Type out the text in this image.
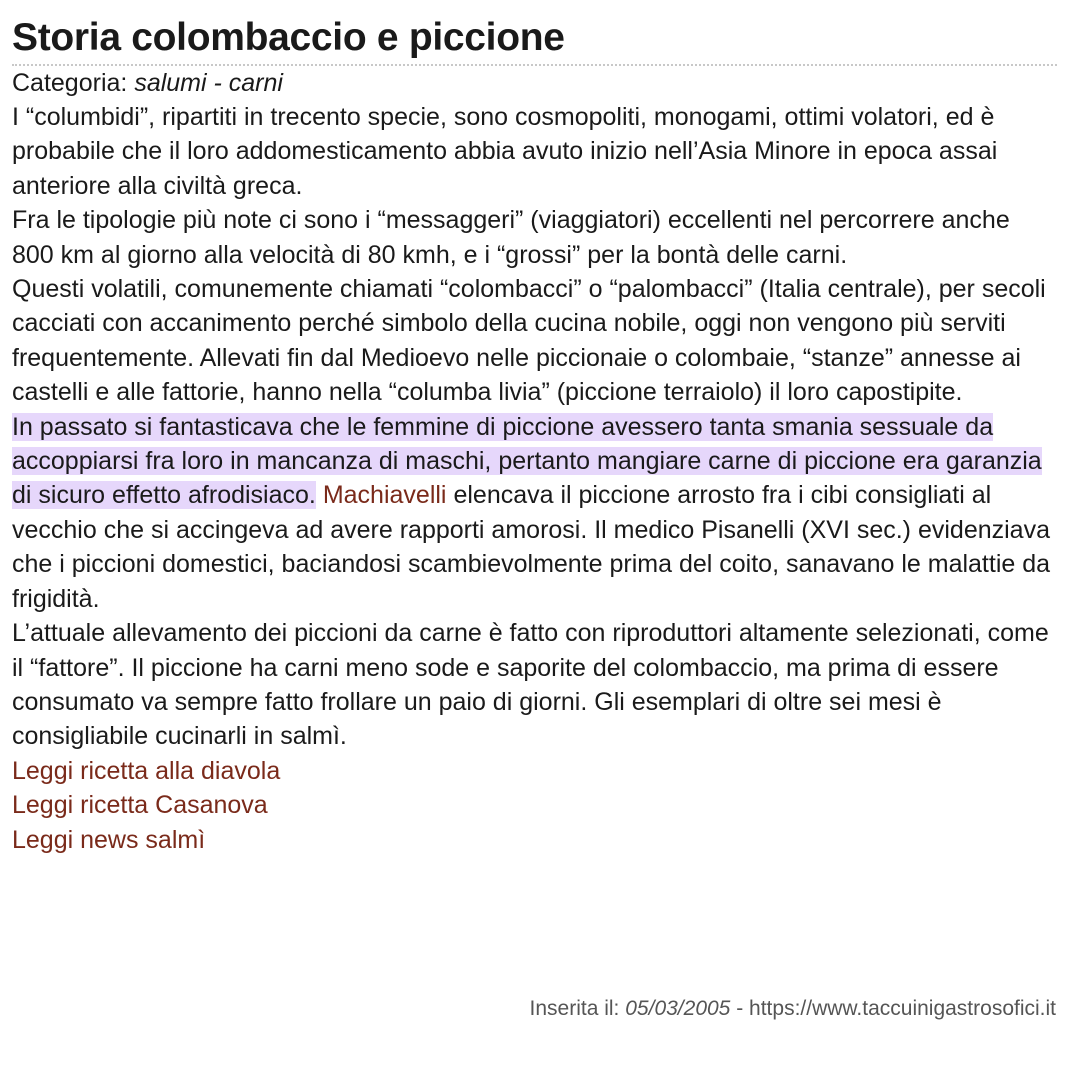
Storia colombaccio e piccione

Categoria: salumi - carni

I “columbidi”, ripartiti in trecento specie, sono cosmopoliti, monogami, ottimi volatori, ed è probabile che il loro addomesticamento abbia avuto inizio nell’Asia Minore in epoca assai anteriore alla civiltà greca.

Fra le tipologie più note ci sono i “messaggeri” (viaggiatori) eccellenti nel percorrere anche 800 km al giorno alla velocità di 80 kmh, e i “grossi” per la bontà delle carni.

Questi volatili, comunemente chiamati “colombacci” o “palombacci” (Italia centrale), per secoli cacciati con accanimento perché simbolo della cucina nobile, oggi non vengono più serviti frequentemente. Allevati fin dal Medioevo nelle piccionaie o colombaie, “stanze” annesse ai castelli e alle fattorie, hanno nella “columba livia” (piccione terraiolo) il loro capostipite.

In passato si fantasticava che le femmine di piccione avessero tanta smania sessuale da accoppiarsi fra loro in mancanza di maschi, pertanto mangiare carne di piccione era garanzia di sicuro effetto afrodisiaco. Machiavelli elencava il piccione arrosto fra i cibi consigliati al vecchio che si accingeva ad avere rapporti amorosi. Il medico Pisanelli (XVI sec.) evidenziava che i piccioni domestici, baciandosi scambievolmente prima del coito, sanavano le malattie da frigidità.

L’attuale allevamento dei piccioni da carne è fatto con riproduttori altamente selezionati, come il “fattore”. Il piccione ha carni meno sode e saporite del colombaccio, ma prima di essere consumato va sempre fatto frollare un paio di giorni. Gli esemplari di oltre sei mesi è consigliabile cucinarli in salmì.

Leggi ricetta alla diavola
Leggi ricetta Casanova
Leggi news salmì
Inserita il: 05/03/2005 - https://www.taccuinigastrosofici.it
